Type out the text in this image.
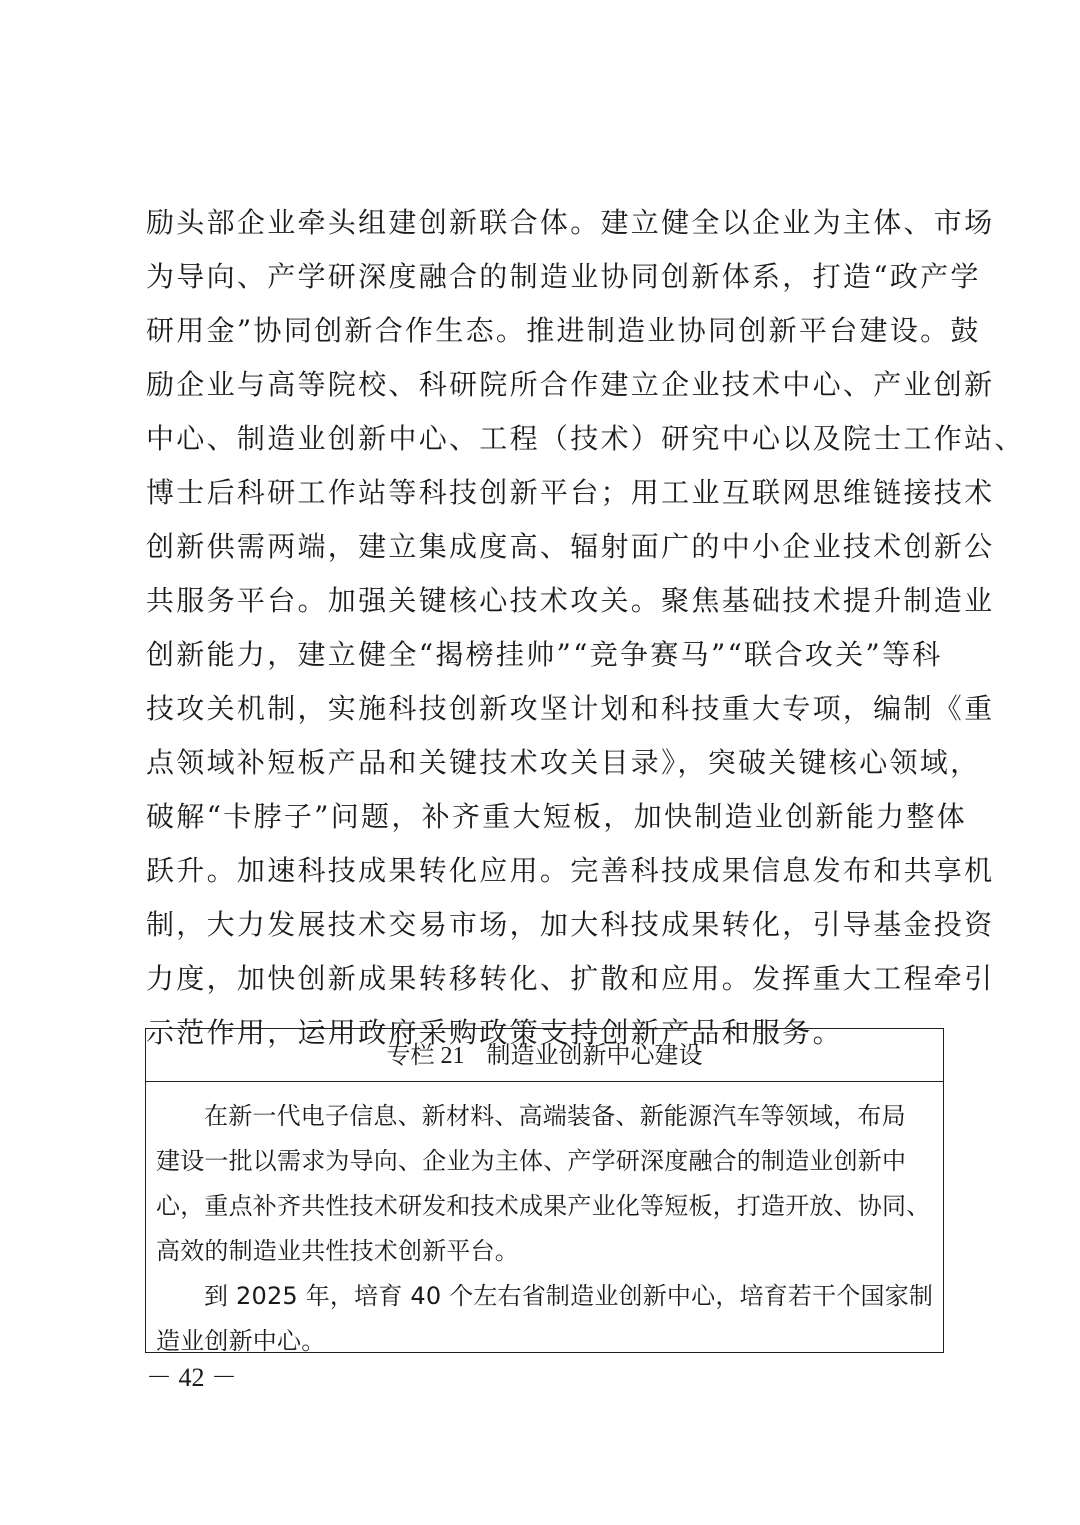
励头部企业牵头组建创新联合体。建立健全以企业为主体、市场
为导向、产学研深度融合的制造业协同创新体系，打造“政产学
研用金”协同创新合作生态。推进制造业协同创新平台建设。鼓
励企业与高等院校、科研院所合作建立企业技术中心、产业创新
中心、制造业创新中心、工程（技术）研究中心以及院士工作站、
博士后科研工作站等科技创新平台；用工业互联网思维链接技术
创新供需两端，建立集成度高、辐射面广的中小企业技术创新公
共服务平台。加强关键核心技术攻关。聚焦基础技术提升制造业
创新能力，建立健全“揭榜挂帅”“竞争赛马”“联合攻关”等科
技攻关机制，实施科技创新攻坚计划和科技重大专项，编制《重
点领域补短板产品和关键技术攻关目录》，突破关键核心领域，
破解“卡脖子”问题，补齐重大短板，加快制造业创新能力整体
跃升。加速科技成果转化应用。完善科技成果信息发布和共享机
制，大力发展技术交易市场，加大科技成果转化，引导基金投资
力度，加快创新成果转移转化、扩散和应用。发挥重大工程牵引
示范作用，运用政府采购政策支持创新产品和服务。
专栏 21 制造业创新中心建设
在新一代电子信息、新材料、高端装备、新能源汽车等领域，布局
建设一批以需求为导向、企业为主体、产学研深度融合的制造业创新中
心，重点补齐共性技术研发和技术成果产业化等短板，打造开放、协同、
高效的制造业共性技术创新平台。
到 2025 年，培育 40 个左右省制造业创新中心，培育若干个国家制
造业创新中心。
－ 42 －
